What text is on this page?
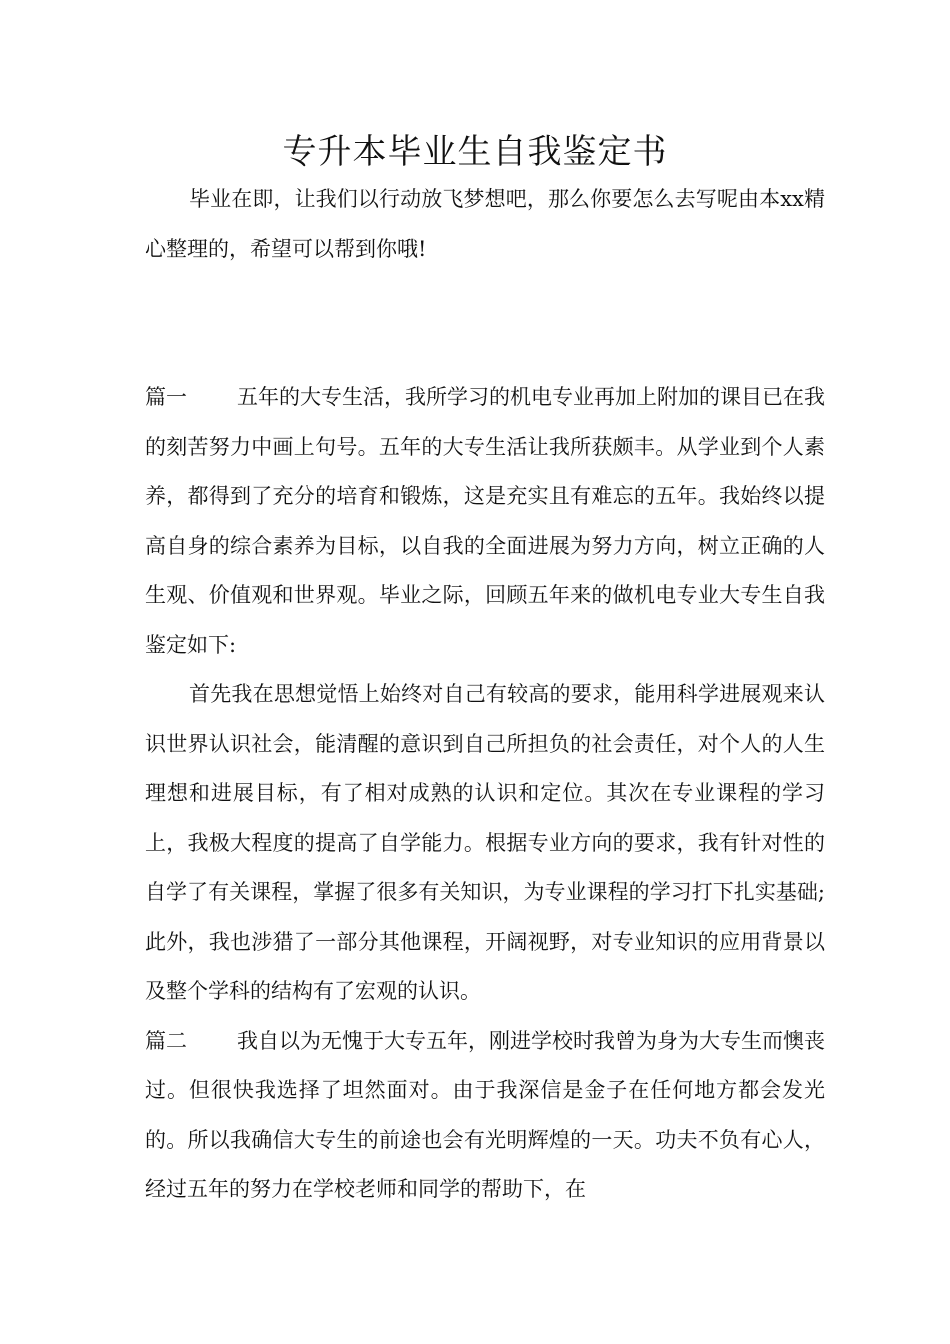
专升本毕业生自我鉴定书

毕业在即，让我们以行动放飞梦想吧，那么你要怎么去写呢由本xx精心整理的，希望可以帮到你哦!

篇一 五年的大专生活，我所学习的机电专业再加上附加的课目已在我的刻苦努力中画上句号。五年的大专生活让我所获颇丰。从学业到个人素养，都得到了充分的培育和锻炼，这是充实且有难忘的五年。我始终以提高自身的综合素养为目标，以自我的全面进展为努力方向，树立正确的人生观、价值观和世界观。毕业之际，回顾五年来的做机电专业大专生自我鉴定如下:

首先我在思想觉悟上始终对自己有较高的要求，能用科学进展观来认识世界认识社会，能清醒的意识到自己所担负的社会责任，对个人的人生理想和进展目标，有了相对成熟的认识和定位。其次在专业课程的学习上，我极大程度的提高了自学能力。根据专业方向的要求，我有针对性的自学了有关课程，掌握了很多有关知识，为专业课程的学习打下扎实基础;此外，我也涉猎了一部分其他课程，开阔视野，对专业知识的应用背景以及整个学科的结构有了宏观的认识。

篇二 我自以为无愧于大专五年，刚进学校时我曾为身为大专生而懊丧过。但很快我选择了坦然面对。由于我深信是金子在任何地方都会发光的。所以我确信大专生的前途也会有光明辉煌的一天。功夫不负有心人，经过五年的努力在学校老师和同学的帮助下，在
